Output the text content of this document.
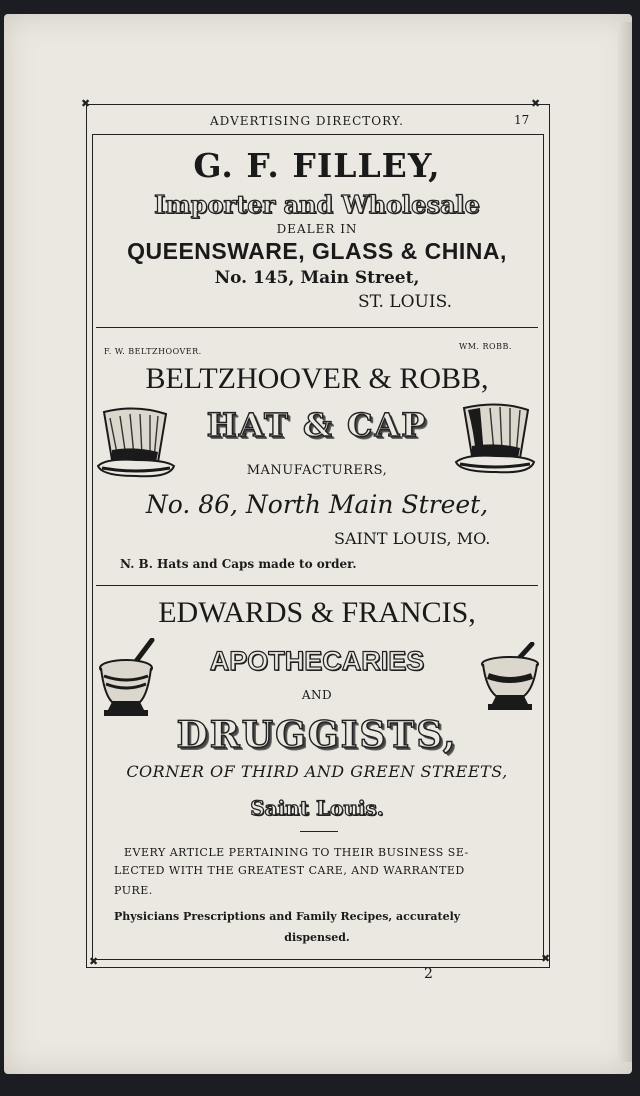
✖	✖
✖	✖
ADVERTISING DIRECTORY.	17
G. F. FILLEY,
Importer and Wholesale
DEALER IN
QUEENSWARE, GLASS & CHINA,
No. 145, Main Street,
ST. LOUIS.
F. W. BELTZHOOVER.
WM. ROBB.
BELTZHOOVER & ROBB,
HAT & CAP
MANUFACTURERS,
No. 86, North Main Street,
SAINT LOUIS, MO.
N. B. Hats and Caps made to order.
EDWARDS & FRANCIS,
APOTHECARIES
AND
DRUGGISTS,
CORNER OF THIRD AND GREEN STREETS,
Saint Louis.
EVERY ARTICLE PERTAINING TO THEIR BUSINESS SE-
LECTED WITH THE GREATEST CARE, AND WARRANTED
PURE.
Physicians Prescriptions and Family Recipes, accurately
dispensed.
2
